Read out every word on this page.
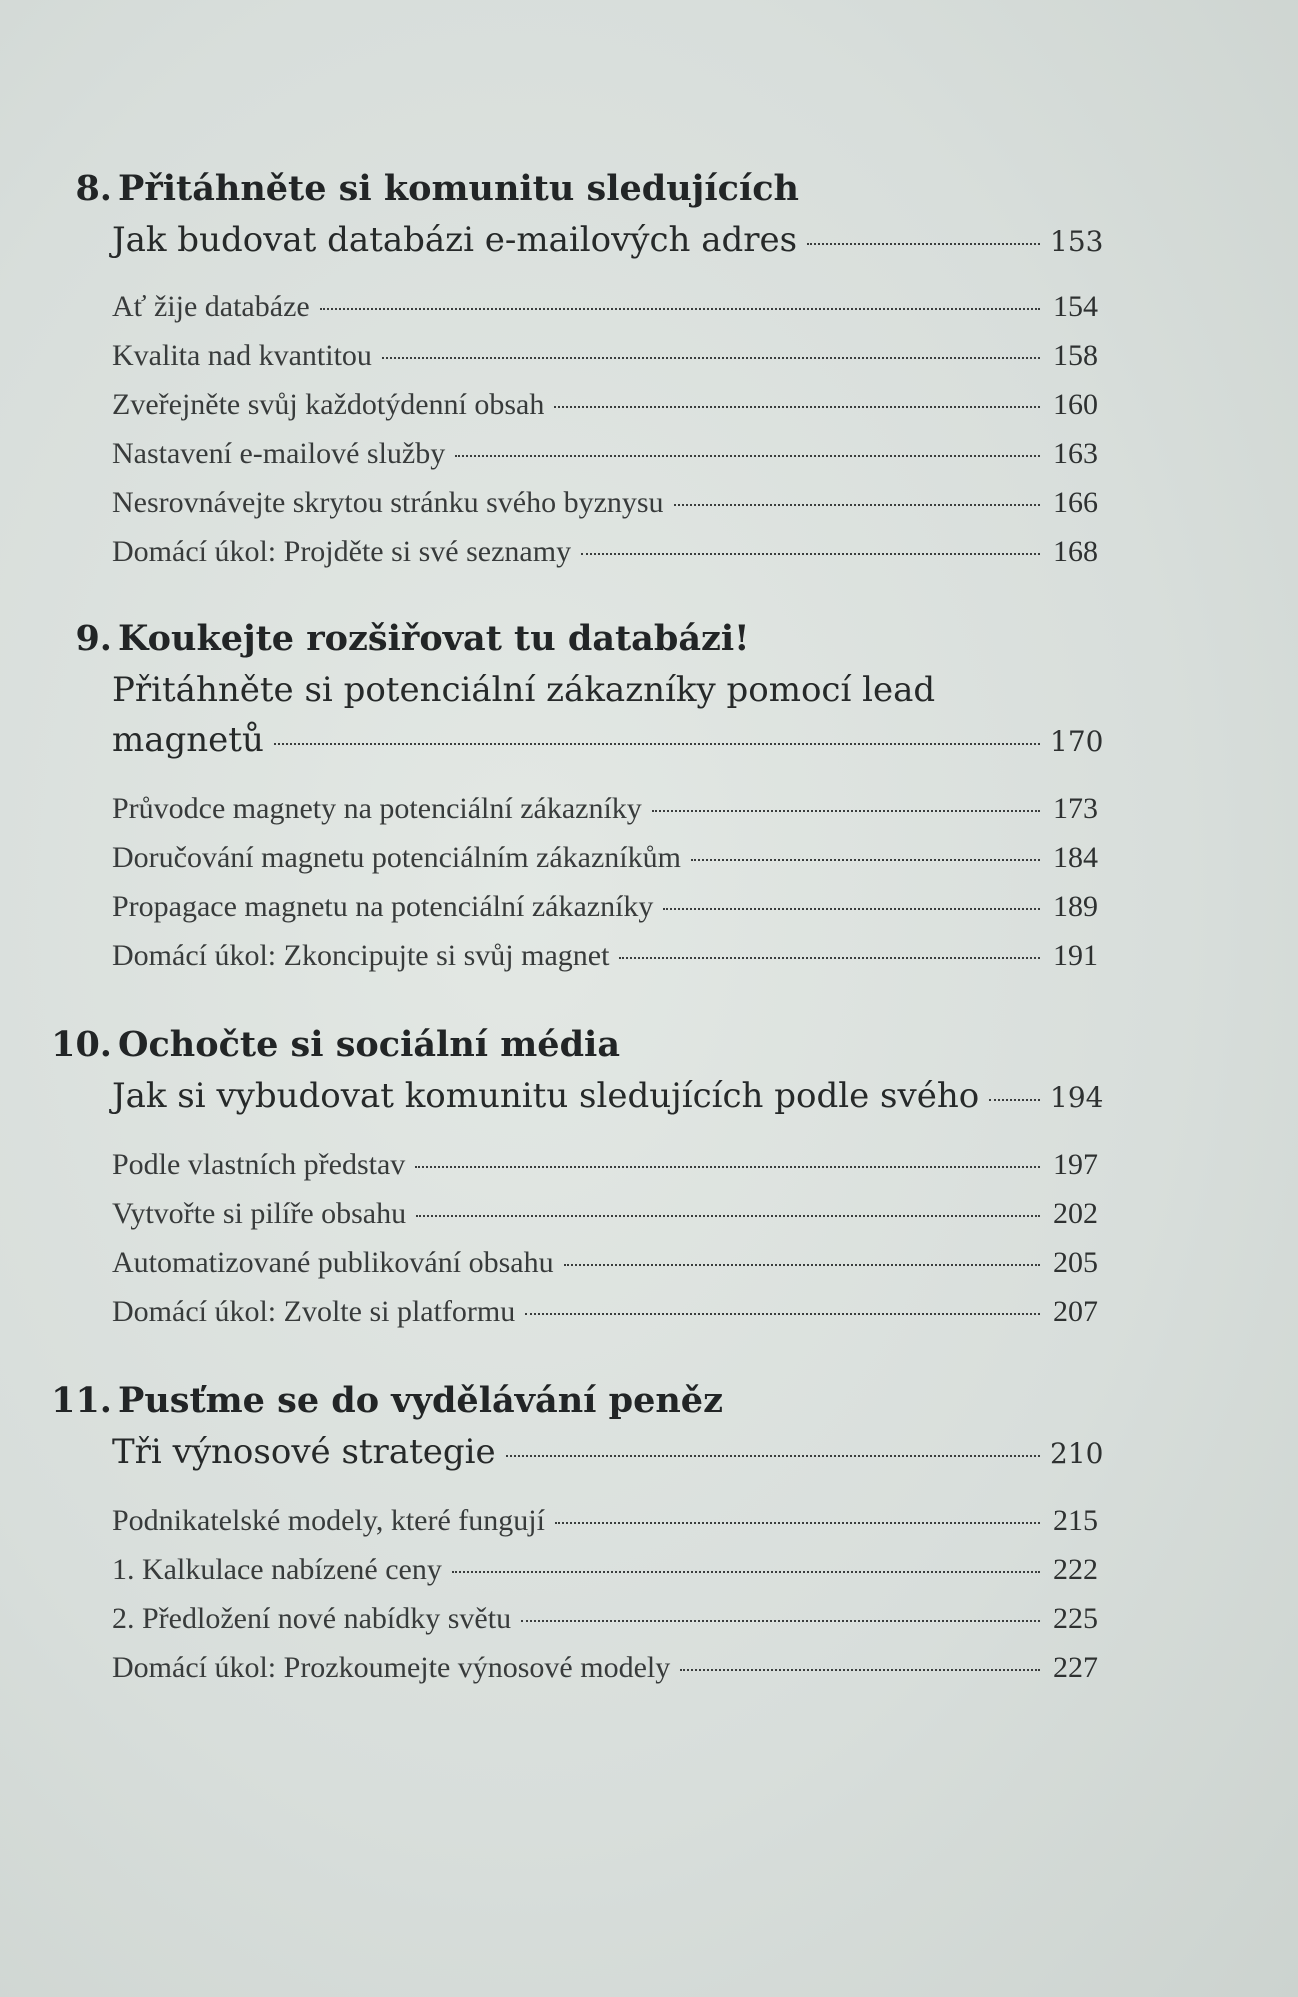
8. Přitáhněte si komunitu sledujících
Jak budovat databázi e-mailových adres	153
Ať žije databáze	154
Kvalita nad kvantitou	158
Zveřejněte svůj každotýdenní obsah	160
Nastavení e-mailové služby	163
Nesrovnávejte skrytou stránku svého byznysu	166
Domácí úkol: Projděte si své seznamy	168
9. Koukejte rozšiřovat tu databázi!
Přitáhněte si potenciální zákazníky pomocí lead
magnetů	170
Průvodce magnety na potenciální zákazníky	173
Doručování magnetu potenciálním zákazníkům	184
Propagace magnetu na potenciální zákazníky	189
Domácí úkol: Zkoncipujte si svůj magnet	191
10. Ochočte si sociální média
Jak si vybudovat komunitu sledujících podle svého	194
Podle vlastních představ	197
Vytvořte si pilíře obsahu	202
Automatizované publikování obsahu	205
Domácí úkol: Zvolte si platformu	207
11. Pusťme se do vydělávání peněz
Tři výnosové strategie	210
Podnikatelské modely, které fungují	215
1. Kalkulace nabízené ceny	222
2. Předložení nové nabídky světu	225
Domácí úkol: Prozkoumejte výnosové modely	227
